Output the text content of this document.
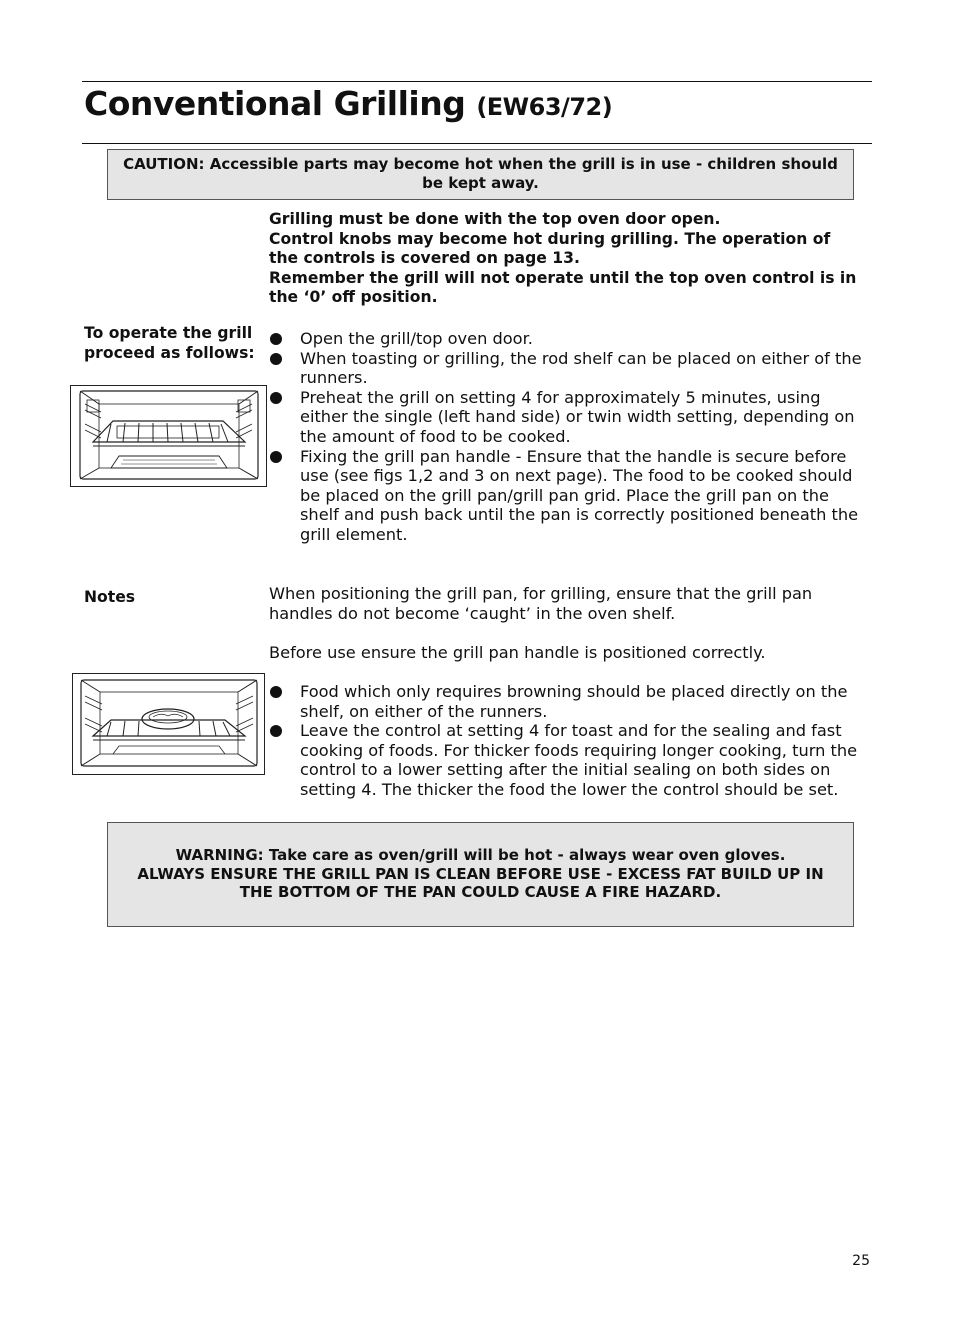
Conventional Grilling (EW63/72)
CAUTION: Accessible parts may become hot when the grill is in use - children should be kept away.
Grilling must be done with the top oven door open.
Control knobs may become hot during grilling. The operation of the controls is covered on page 13.
Remember the grill will not operate until the top oven control is in the ‘0’ off position.
To operate the grill proceed as follows:
Open the grill/top oven door.
When toasting or grilling, the rod shelf can be placed on either of the runners.
Preheat the grill on setting 4 for approximately 5 minutes, using either the single (left hand side) or twin width setting, depending on the amount of food to be cooked.
Fixing the grill pan handle - Ensure that the handle is secure before use (see figs 1,2 and 3 on next page). The food to be cooked should be placed on the grill pan/grill pan grid. Place the grill pan on the shelf and push back until the pan is correctly positioned beneath the grill element.
Notes	When positioning the grill pan, for grilling, ensure that the grill pan handles do not become ‘caught’ in the oven shelf.
Before use ensure the grill pan handle is positioned correctly.
Food which only requires browning should be placed directly on the shelf, on either of the runners.
Leave the control at setting 4 for toast and for the sealing and fast cooking of foods. For thicker foods requiring longer cooking, turn the control to a lower setting after the initial sealing on both sides on setting 4. The thicker the food the lower the control should be set.
WARNING: Take care as oven/grill will be hot - always wear oven gloves.
ALWAYS ENSURE THE GRILL PAN IS CLEAN BEFORE USE - EXCESS FAT BUILD UP IN THE BOTTOM OF THE PAN COULD CAUSE A FIRE HAZARD.
25
